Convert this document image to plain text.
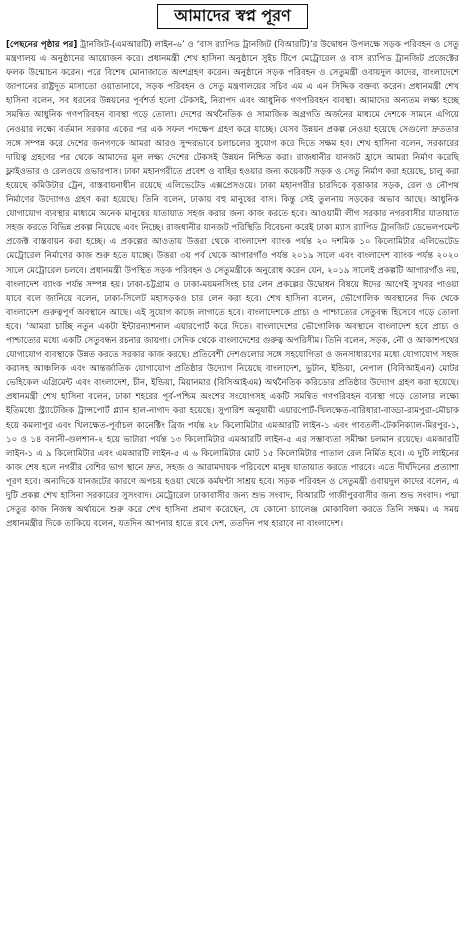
আমাদের স্বপ্ন পূরণ

[পেছনের পৃষ্ঠার পর] ট্রানজিট-(এমআরটি) লাইন-৬’ ও ‘বাস র‍্যাপিড ট্রানজিট (বিআরটি)’র উদ্বোধন উপলক্ষে সড়ক পরিবহন ও সেতু মন্ত্রণালয় এ অনুষ্ঠানের আয়োজন করে। প্রধানমন্ত্রী শেখ হাসিনা অনুষ্ঠানে সুইচ টিপে মেট্রোরেল ও বাস র‍্যাপিড ট্রানজিট প্রজেক্টের ফলক উন্মোচন করেন। পরে বিশেষ মোনাজাতে অংশগ্রহণ করেন। অনুষ্ঠানে সড়ক পরিবহন ও সেতুমন্ত্রী ওবায়দুল কাদের, বাংলাদেশে জাপানের রাষ্ট্রদূত মাসাতো ওয়াতানাবে, সড়ক পরিবহন ও সেতু মন্ত্রণালয়ের সচিব এম এ এন সিদ্দিক বক্তব্য করেন। প্রধানমন্ত্রী শেখ হাসিনা বলেন, সব ধরনের উন্নয়নের পূর্বশর্ত হলো টেকসই, নিরাপদ এবং আধুনিক গণপরিবহন ব্যবস্থা। আমাদের অন্যতম লক্ষ্য হচ্ছে সমন্বিত আধুনিক গণপরিবহন ব্যবস্থা গড়ে তোলা। দেশের অর্থনৈতিক ও সামাজিক অগ্রগতি অর্জনের মাধ্যমে দেশকে সামনে এগিয়ে নেওয়ার লক্ষ্যে বর্তমান সরকার একের পর এক সফল পদক্ষেপ গ্রহণ করে যাচ্ছে। যেসব উন্নয়ন প্রকল্প নেওয়া হয়েছে সেগুলো দ্রুততার সঙ্গে সম্পন্ন করে দেশের জনগণকে আমরা আরও সুন্দরভাবে চলাচলের সুযোগ করে দিতে সক্ষম হব। শেখ হাসিনা বলেন, সরকারের দায়িত্ব গ্রহণের পর থেকে আমাদের মূল লক্ষ্য দেশের টেকসই উন্নয়ন নিশ্চিত করা। রাজধানীর যানজট হ্রাসে আমরা নির্মাণ করেছি ফ্লাইওভার ও রেলওয়ে ওভারপাস। ঢাকা মহানগরীতে প্রবেশ ও বাহির হওয়ার জন্য কয়েকটি সড়ক ও সেতু নির্মাণ করা হয়েছে, চালু করা হয়েছে কমিউটার ট্রেন, বাস্তবায়নাধীন রয়েছে এলিভেটেড এক্সপ্রেসওয়ে। ঢাকা মহানগরীর চারদিকে বৃত্তাকার সড়ক, রেল ও নৌপথ নির্মাণের উদ্যোগও গ্রহণ করা হয়েছে। তিনি বলেন, ঢাকায় বহু মানুষের বাস। কিন্তু সেই তুলনায় সড়কের অভাব আছে। আধুনিক যোগাযোগ ব্যবস্থার মাধ্যমে অনেক মানুষের যাতায়াত সহজ করার জন্য কাজ করতে হবে। আওয়ামী লীগ সরকার নগরবাসীর যাতায়াত সহজ করতে বিভিন্ন প্রকল্প নিয়েছে এবং নিচ্ছে। রাজধানীর যানজট পরিস্থিতি বিবেচনা করেই ঢাকা ম্যাস র‍্যাপিড ট্রানজিট ডেভেলপমেন্ট প্রজেক্ট বাস্তবায়ন করা হচ্ছে। এ প্রকল্পের আওতায় উত্তরা থেকে বাংলাদেশ ব্যাংক পর্যন্ত ২০ দশমিক ১০ কিলোমিটার এলিভেটেড মেট্রোরেল নির্মাণের কাজ শুরু হতে যাচ্ছে। উত্তরা ৩য় পর্ব থেকে আগারগাঁও পর্যন্ত ২০১৯ সালে এবং বাংলাদেশ ব্যাংক পর্যন্ত ২০২০ সালে মেট্রোরেল চলবে। প্রধানমন্ত্রী উপস্থিত সড়ক পরিবহন ও সেতুমন্ত্রীকে অনুরোধ করেন যেন, ২০১৯ সালেই প্রকল্পটি আগারগাঁও নয়, বাংলাদেশ ব্যাংক পর্যন্ত সম্পন্ন হয়। ঢাকা-চট্টগ্রাম ও ঢাকা-ময়মনসিংহ চার লেন প্রকল্পের উদ্বোধন বিষয়ে ঈদের আগেই সুখবর পাওয়া যাবে বলে জানিয়ে বলেন, ঢাকা-সিলেট মহাসড়কও চার লেন করা হবে। শেখ হাসিনা বলেন, ভৌগোলিক অবস্থানের দিক থেকে বাংলাদেশ গুরুত্বপূর্ণ অবস্থানে আছে। এই সুযোগ কাজে লাগাতে হবে। বাংলাদেশকে প্রাচ্য ও পাশ্চাত্যের সেতুবন্ধ হিসেবে গড়ে তোলা হবে। ‘আমরা চাচ্ছি নতুন একটা ইন্টারন্যাশনাল এয়ারপোর্ট করে দিতে। বাংলাদেশের ভৌগোলিক অবস্থানে বাংলাদেশ হবে প্রাচ্য ও পাশ্চাত্যের মধ্যে একটি সেতুবন্ধন রচনার জায়গা। সেদিক থেকে বাংলাদেশের গুরুত্ব অপরিসীম। তিনি বলেন, সড়ক, নৌ ও আকাশপথের যোগাযোগ ব্যবস্থাকে উন্নত করতে সরকার কাজ করছে। প্রতিবেশী দেশগুলোর সঙ্গে সহযোগিতা ও জনসাধারণের মধ্যে যোগাযোগ সহজ করাসহ আঞ্চলিক এবং আন্তর্জাতিক যোগাযোগ প্রতিষ্ঠার উদ্যোগ নিয়েছে বাংলাদেশ, ভুটান, ইন্ডিয়া, নেপাল (বিবিআইএন) মোটর ভেহিকেল এগ্রিমেন্ট এবং বাংলাদেশ, চীন, ইন্ডিয়া, মিয়ানমার (বিসিআইএম) অর্থনৈতিক করিডোর প্রতিষ্ঠার উদ্যোগ গ্রহণ করা হয়েছে। প্রধানমন্ত্রী শেখ হাসিনা বলেন, ঢাকা শহরের পূর্ব-পশ্চিম অংশের সংযোগসহ একটি সমন্বিত গণপরিবহন ব্যবস্থা গড়ে তোলার লক্ষ্যে ইতিমধ্যে স্ট্র্যাটেজিক ট্রান্সপোর্ট প্ল্যান হাল-নাগাদ করা হয়েছে। সুপারিশ অনুযায়ী এয়ারপোর্ট-খিলক্ষেত-বারিধারা-বাড্ডা-রামপুরা-মৌচাক হয়ে কমলাপুর এবং খিলক্ষেত-পূর্বাচল কানেক্টিং ব্রিজ পর্যন্ত ২৮ কিলোমিটার এমআরটি লাইন-১ এবং গাবতলী-টেকনিক্যাল-মিরপুর-১, ১০ ও ১৪ বনানী-গুলশান-২ হয়ে ভাটারা পর্যন্ত ১৩ কিলোমিটার এমআরটি লাইন-৫ এর সম্ভাব্যতা সমীক্ষা চলমান রয়েছে। এমআরটি লাইন-১ এ ৯ কিলোমিটার এবং এমআরটি লাইন-৫ এ ৬ কিলোমিটার মোট ১৫ কিলোমিটার পাতাল রেল নির্মিত হবে। এ দুটি লাইনের কাজ শেষ হলে নগরীর বেশির ভাগ স্থানে দ্রুত, সহজ ও আরামদায়ক পরিবেশে মানুষ যাতায়াত করতে পারবে। এতে দীর্ঘদিনের প্রত্যাশা পূরণ হবে। অন্যদিকে যানজটের কারণে অপচয় হওয়া থেকে কর্মঘণ্টা সাশ্রয় হবে। সড়ক পরিবহন ও সেতুমন্ত্রী ওবায়দুল কাদের বলেন, এ দুটি প্রকল্প শেখ হাসিনা সরকারের সুসংবাদ। মেট্রোরেল ঢাকাবাসীর জন্য শুভ সংবাদ, বিআরটি গাজীপুরবাসীর জন্য শুভ সংবাদ। পদ্মা সেতুর কাজ নিজস্ব অর্থায়নে শুরু করে শেখ হাসিনা প্রমাণ করেছেন, যে কোনো চ্যালেঞ্জ মোকাবিলা করতে তিনি সক্ষম। এ সময় প্রধানমন্ত্রীর দিকে তাকিয়ে বলেন, যতদিন আপনার হাতে রবে দেশ, ততদিন পথ হারাবে না বাংলাদেশ।
